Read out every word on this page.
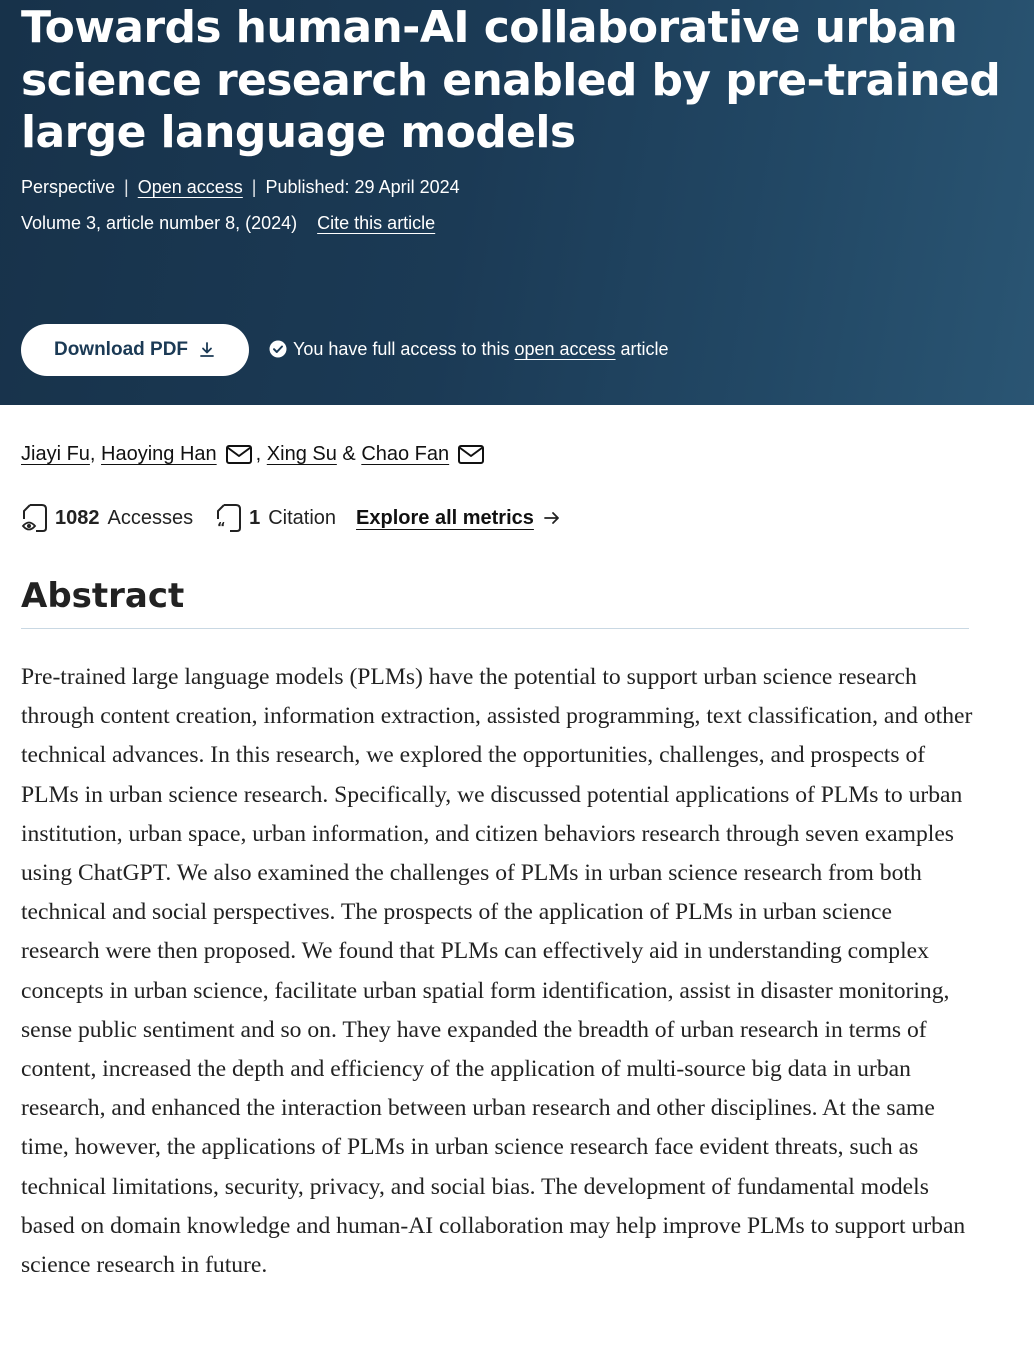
Towards human-AI collaborative urban science research enabled by pre-trained large language models
Perspective | Open access | Published: 29 April 2024
Volume 3, article number 8, (2024) Cite this article
Download PDF	You have full access to this open access article
Jiayi Fu ,
Haoying Han ,
Xing Su
&
Chao Fan
1082 Accesses “ 1 Citation Explore all metrics
Abstract

Pre-trained large language models (PLMs) have the potential to support urban science research through content creation, information extraction, assisted programming, text classification, and other technical advances. In this research, we explored the opportunities, challenges, and prospects of PLMs in urban science research. Specifically, we discussed potential applications of PLMs to urban institution, urban space, urban information, and citizen behaviors research through seven examples using ChatGPT. We also examined the challenges of PLMs in urban science research from both technical and social perspectives. The prospects of the application of PLMs in urban science research were then proposed. We found that PLMs can effectively aid in understanding complex concepts in urban science, facilitate urban spatial form identification, assist in disaster monitoring, sense public sentiment and so on. They have expanded the breadth of urban research in terms of content, increased the depth and efficiency of the application of multi-source big data in urban research, and enhanced the interaction between urban research and other disciplines. At the same time, however, the applications of PLMs in urban science research face evident threats, such as technical limitations, security, privacy, and social bias. The development of fundamental models based on domain knowledge and human-AI collaboration may help improve PLMs to support urban science research in future.
